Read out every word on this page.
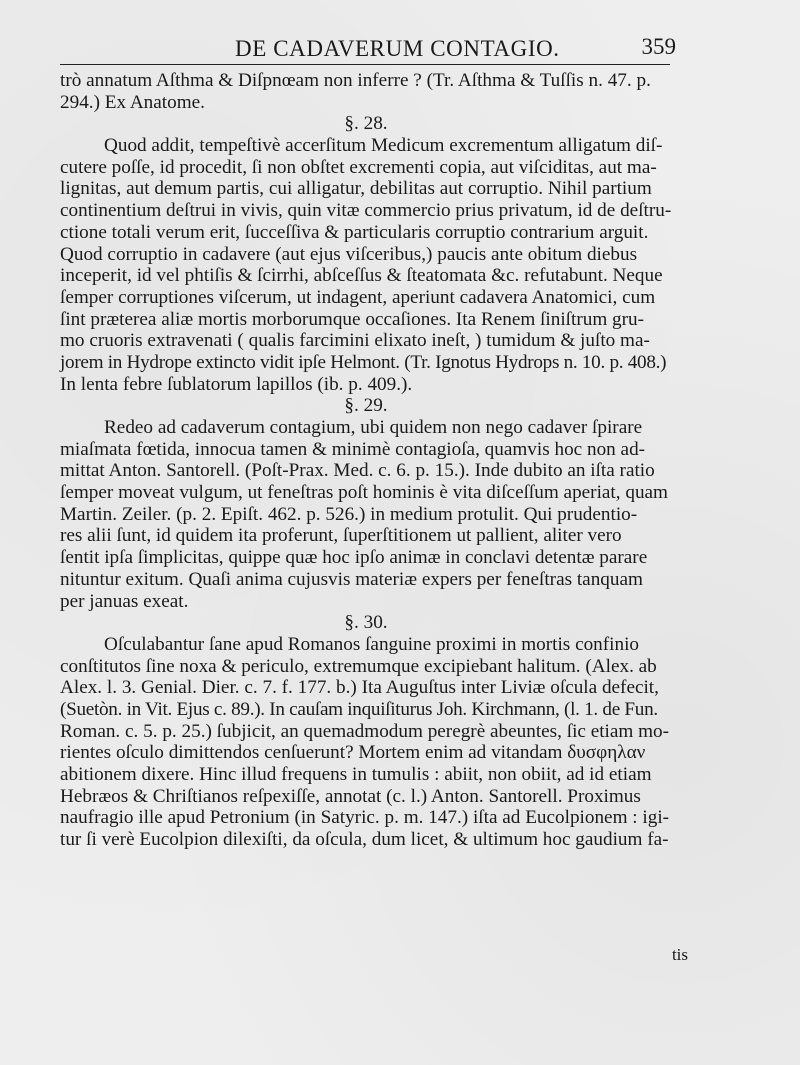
DE CADAVERUM CONTAGIO.	359
trò annatum Aſthma & Diſpnœam non inferre ? (Tr. Aſthma & Tuſſis n. 47. p.
294.) Ex Anatome.
§. 28.
Quod addit, tempeſtivè accerſitum Medicum excrementum alligatum diſ-
cutere poſſe, id procedit, ſi non obſtet excrementi copia, aut viſciditas, aut ma-
lignitas, aut demum partis, cui alligatur, debilitas aut corruptio. Nihil partium
continentium deſtrui in vivis, quin vitæ commercio prius privatum, id de deſtru-
ctione totali verum erit, ſucceſſiva & particularis corruptio contrarium arguit.
Quod corruptio in cadavere (aut ejus viſceribus,) paucis ante obitum diebus
inceperit, id vel phtiſis & ſcirrhi, abſceſſus & ſteatomata &c. refutabunt. Neque
ſemper corruptiones viſcerum, ut indagent, aperiunt cadavera Anatomici, cum
ſint præterea aliæ mortis morborumque occaſiones. Ita Renem ſiniſtrum gru-
mo cruoris extravenati ( qualis farcimini elixato ineſt, ) tumidum & juſto ma-
jorem in Hydrope extincto vidit ipſe Helmont. (Tr. Ignotus Hydrops n. 10. p. 408.)
In lenta febre ſublatorum lapillos (ib. p. 409.).
§. 29.
Redeo ad cadaverum contagium, ubi quidem non nego cadaver ſpirare
miaſmata fœtida, innocua tamen & minimè contagioſa, quamvis hoc non ad-
mittat Anton. Santorell. (Poſt-Prax. Med. c. 6. p. 15.). Inde dubito an iſta ratio
ſemper moveat vulgum, ut feneſtras poſt hominis è vita diſceſſum aperiat, quam
Martin. Zeiler. (p. 2. Epiſt. 462. p. 526.) in medium protulit. Qui prudentio-
res alii ſunt, id quidem ita proferunt, ſuperſtitionem ut pallient, aliter vero
ſentit ipſa ſimplicitas, quippe quæ hoc ipſo animæ in conclavi detentæ parare
nituntur exitum. Quaſi anima cujusvis materiæ expers per feneſtras tanquam
per januas exeat.
§. 30.
Oſculabantur ſane apud Romanos ſanguine proximi in mortis confinio
conſtitutos ſine noxa & periculo, extremumque excipiebant halitum. (Alex. ab
Alex. l. 3. Genial. Dier. c. 7. f. 177. b.) Ita Auguſtus inter Liviæ oſcula defecit,
(Suetòn. in Vit. Ejus c. 89.). In cauſam inquiſiturus Joh. Kirchmann, (l. 1. de Fun.
Roman. c. 5. p. 25.) ſubjicit, an quemadmodum peregrè abeuntes, ſic etiam mo-
rientes oſculo dimittendos cenſuerunt? Mortem enim ad vitandam δυσφηλαν
abitionem dixere. Hinc illud frequens in tumulis : abiit, non obiit, ad id etiam
Hebræos & Chriſtianos reſpexiſſe, annotat (c. l.) Anton. Santorell. Proximus
naufragio ille apud Petronium (in Satyric. p. m. 147.) iſta ad Eucolpionem : igi-
tur ſi verè Eucolpion dilexiſti, da oſcula, dum licet, & ultimum hoc gaudium fa-
tis
